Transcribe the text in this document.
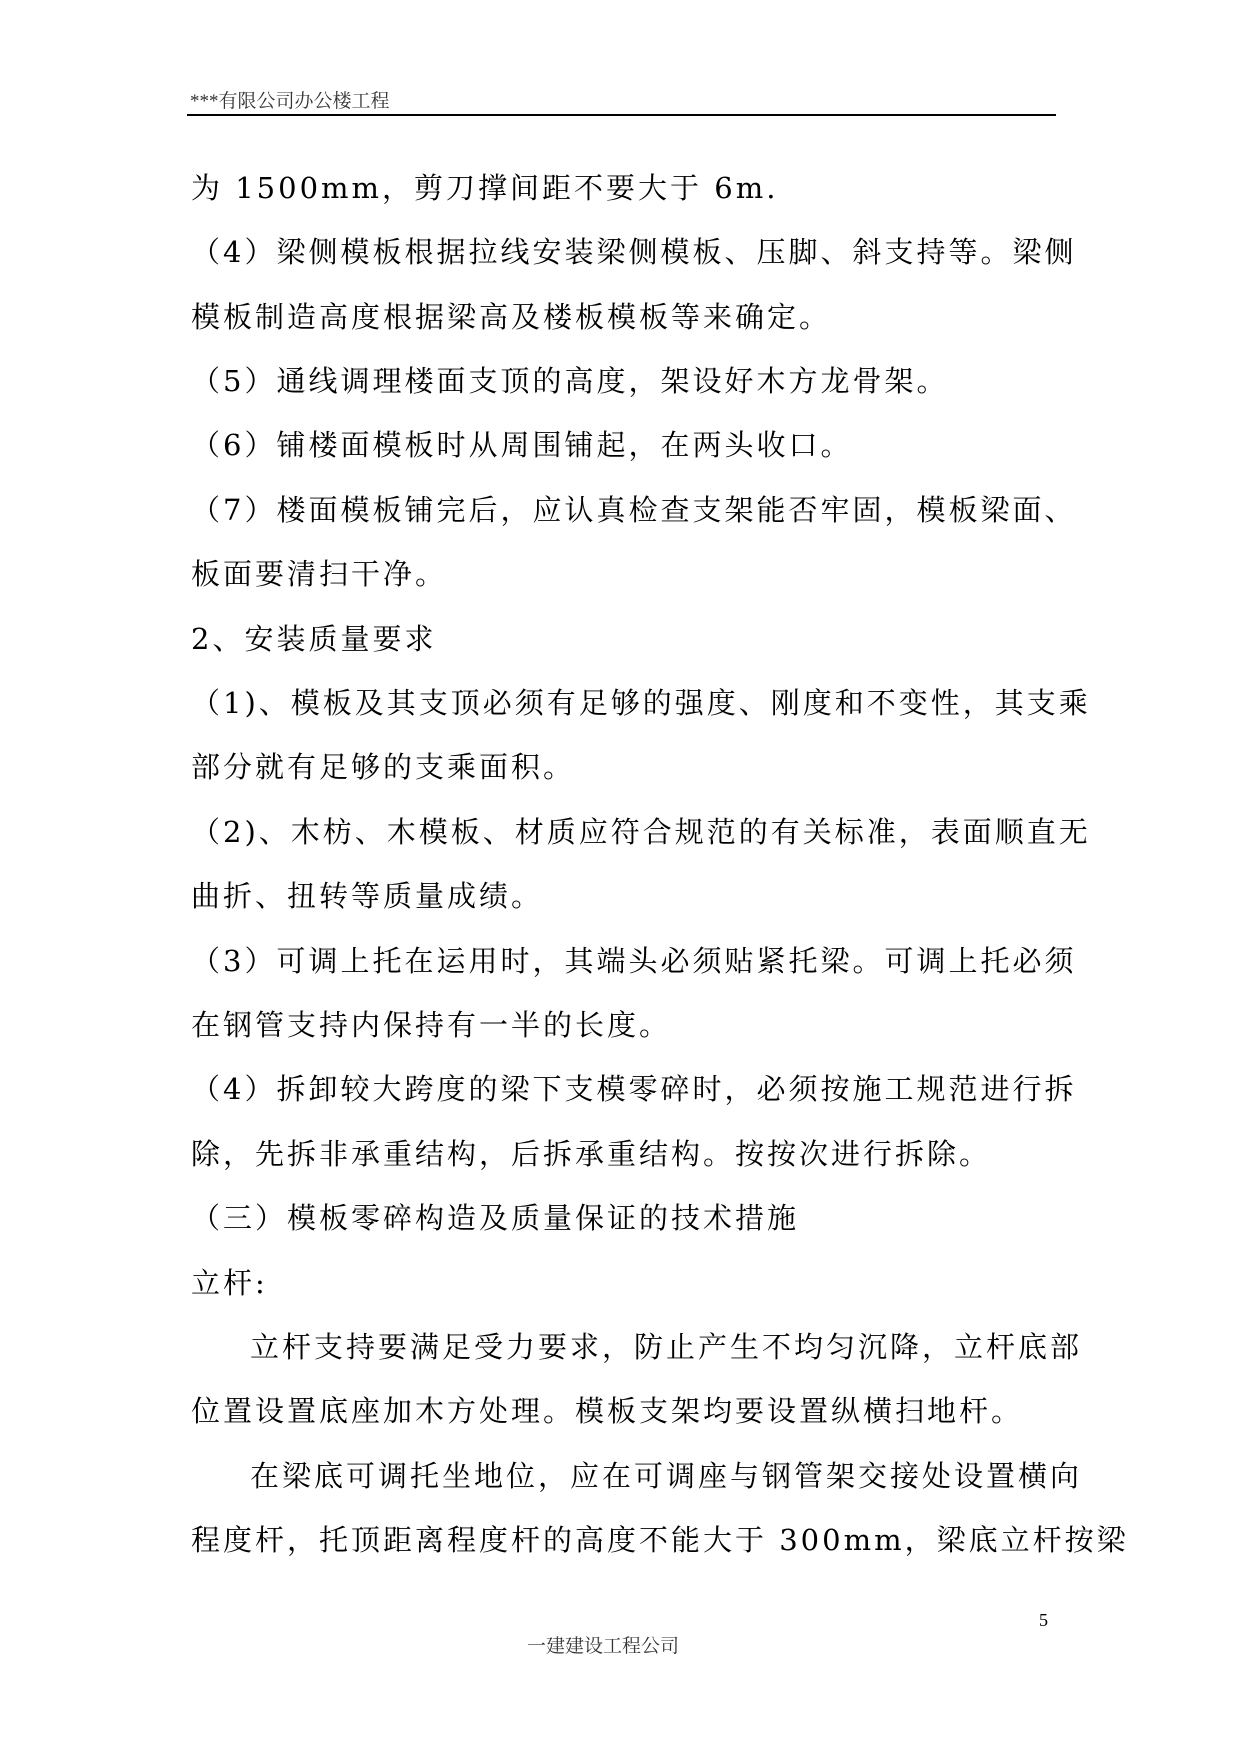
***有限公司办公楼工程
为 1500mm，剪刀撑间距不要大于 6m.
（4）梁侧模板根据拉线安装梁侧模板、压脚、斜支持等。梁侧
模板制造高度根据梁高及楼板模板等来确定。
（5）通线调理楼面支顶的高度，架设好木方龙骨架。
（6）铺楼面模板时从周围铺起，在两头收口。
（7）楼面模板铺完后，应认真检查支架能否牢固，模板梁面、
板面要清扫干净。
2、安装质量要求
（1)、模板及其支顶必须有足够的强度、刚度和不变性，其支乘
部分就有足够的支乘面积。
（2)、木枋、木模板、材质应符合规范的有关标准，表面顺直无
曲折、扭转等质量成绩。
（3）可调上托在运用时，其端头必须贴紧托梁。可调上托必须
在钢管支持内保持有一半的长度。
（4）拆卸较大跨度的梁下支模零碎时，必须按施工规范进行拆
除，先拆非承重结构，后拆承重结构。按按次进行拆除。
（三）模板零碎构造及质量保证的技术措施
立杆:
立杆支持要满足受力要求，防止产生不均匀沉降，立杆底部
位置设置底座加木方处理。模板支架均要设置纵横扫地杆。
在梁底可调托坐地位，应在可调座与钢管架交接处设置横向
程度杆，托顶距离程度杆的高度不能大于 300mm，梁底立杆按梁
5
一建建设工程公司
